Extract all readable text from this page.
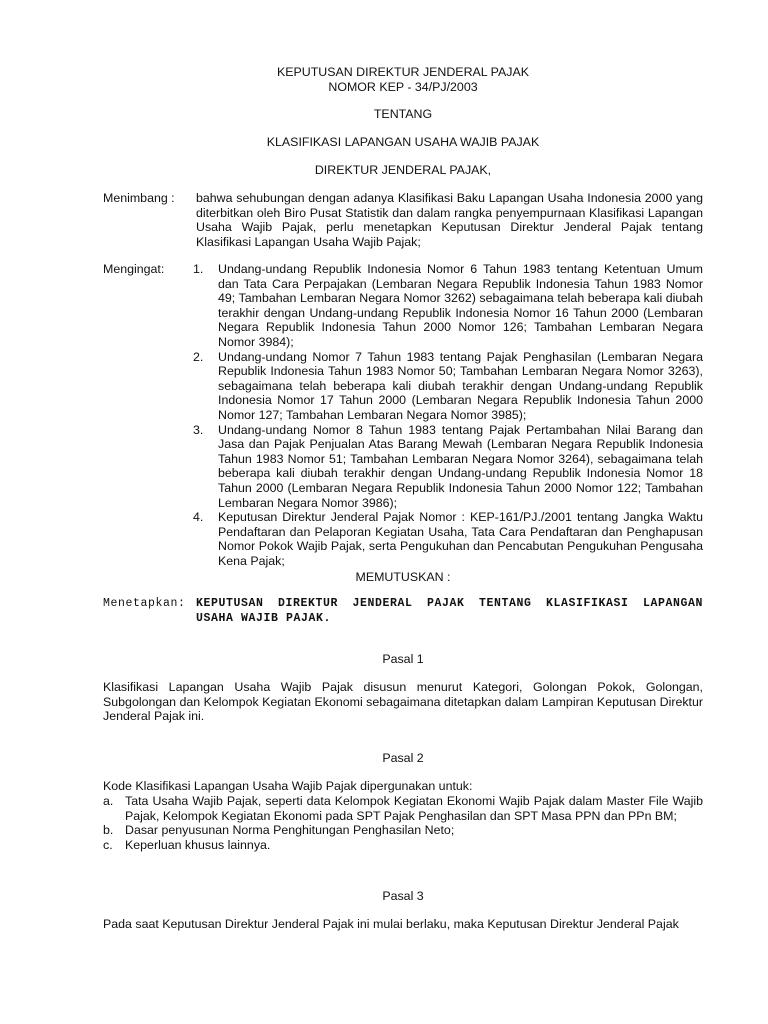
KEPUTUSAN DIREKTUR JENDERAL PAJAK
NOMOR KEP - 34/PJ/2003
TENTANG
KLASIFIKASI LAPANGAN USAHA WAJIB PAJAK
DIREKTUR JENDERAL PAJAK,
Menimbang : bahwa sehubungan dengan adanya Klasifikasi Baku Lapangan Usaha Indonesia 2000 yang diterbitkan oleh Biro Pusat Statistik dan dalam rangka penyempurnaan Klasifikasi Lapangan Usaha Wajib Pajak, perlu menetapkan Keputusan Direktur Jenderal Pajak tentang Klasifikasi Lapangan Usaha Wajib Pajak;
Mengingat: 1.	Undang-undang Republik Indonesia Nomor 6 Tahun 1983 tentang Ketentuan Umum dan Tata Cara Perpajakan (Lembaran Negara Republik Indonesia Tahun 1983 Nomor 49; Tambahan Lembaran Negara Nomor 3262) sebagaimana telah beberapa kali diubah terakhir dengan Undang-undang Republik Indonesia Nomor 16 Tahun 2000 (Lembaran Negara Republik Indonesia Tahun 2000 Nomor 126; Tambahan Lembaran Negara Nomor 3984);
2.	Undang-undang Nomor 7 Tahun 1983 tentang Pajak Penghasilan (Lembaran Negara Republik Indonesia Tahun 1983 Nomor 50; Tambahan Lembaran Negara Nomor 3263), sebagaimana telah beberapa kali diubah terakhir dengan Undang-undang Republik Indonesia Nomor 17 Tahun 2000 (Lembaran Negara Republik Indonesia Tahun 2000 Nomor 127; Tambahan Lembaran Negara Nomor 3985);
3.	Undang-undang Nomor 8 Tahun 1983 tentang Pajak Pertambahan Nilai Barang dan Jasa dan Pajak Penjualan Atas Barang Mewah (Lembaran Negara Republik Indonesia Tahun 1983 Nomor 51; Tambahan Lembaran Negara Nomor 3264), sebagaimana telah beberapa kali diubah terakhir dengan Undang-undang Republik Indonesia Nomor 18 Tahun 2000 (Lembaran Negara Republik Indonesia Tahun 2000 Nomor 122; Tambahan Lembaran Negara Nomor 3986);
4.	Keputusan Direktur Jenderal Pajak Nomor : KEP-161/PJ./2001 tentang Jangka Waktu Pendaftaran dan Pelaporan Kegiatan Usaha, Tata Cara Pendaftaran dan Penghapusan Nomor Pokok Wajib Pajak, serta Pengukuhan dan Pencabutan Pengukuhan Pengusaha Kena Pajak;
MEMUTUSKAN :
Menetapkan: KEPUTUSAN DIREKTUR JENDERAL PAJAK TENTANG KLASIFIKASI LAPANGAN
USAHA WAJIB PAJAK.
Pasal 1
Klasifikasi Lapangan Usaha Wajib Pajak disusun menurut Kategori, Golongan Pokok, Golongan, Subgolongan dan Kelompok Kegiatan Ekonomi sebagaimana ditetapkan dalam Lampiran Keputusan Direktur Jenderal Pajak ini.
Pasal 2
Kode Klasifikasi Lapangan Usaha Wajib Pajak dipergunakan untuk:
a. Tata Usaha Wajib Pajak, seperti data Kelompok Kegiatan Ekonomi Wajib Pajak dalam Master File Wajib Pajak, Kelompok Kegiatan Ekonomi pada SPT Pajak Penghasilan dan SPT Masa PPN dan PPn BM;
b. Dasar penyusunan Norma Penghitungan Penghasilan Neto;
c. Keperluan khusus lainnya.
Pasal 3
Pada saat Keputusan Direktur Jenderal Pajak ini mulai berlaku, maka Keputusan Direktur Jenderal Pajak
